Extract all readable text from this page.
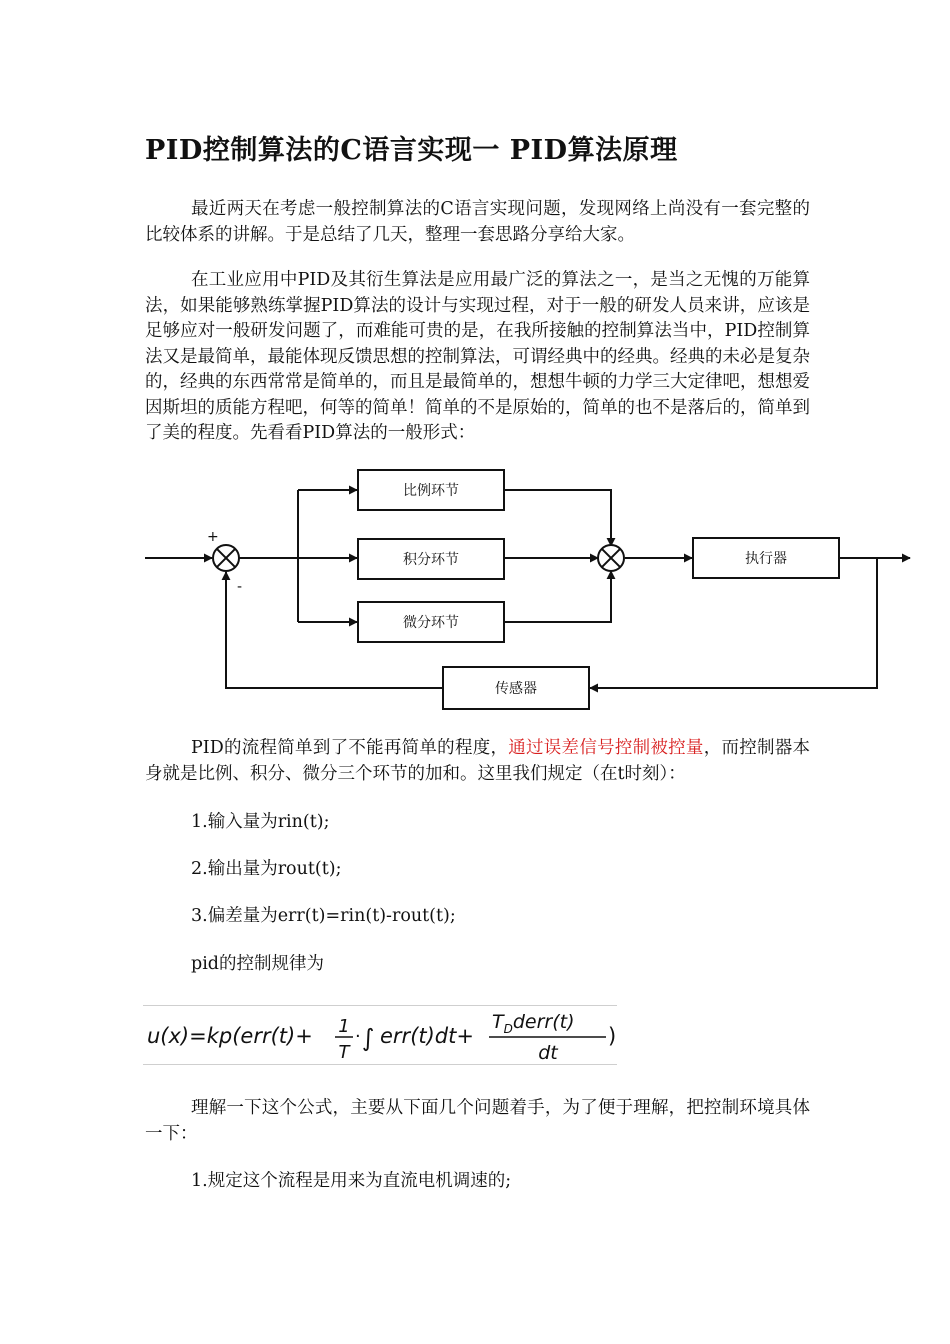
PID控制算法的C语言实现一 PID算法原理

最近两天在考虑一般控制算法的C语言实现问题，发现网络上尚没有一套完整的比较体系的讲解。于是总结了几天，整理一套思路分享给大家。

在工业应用中PID及其衍生算法是应用最广泛的算法之一，是当之无愧的万能算法，如果能够熟练掌握PID算法的设计与实现过程，对于一般的研发人员来讲，应该是足够应对一般研发问题了，而难能可贵的是，在我所接触的控制算法当中，PID控制算法又是最简单，最能体现反馈思想的控制算法，可谓经典中的经典。经典的未必是复杂的，经典的东西常常是简单的，而且是最简单的，想想牛顿的力学三大定律吧，想想爱因斯坦的质能方程吧，何等的简单！简单的不是原始的，简单的也不是落后的，简单到了美的程度。先看看PID算法的一般形式：

+
-
比例环节
积分环节
微分环节
执行器
传感器

PID的流程简单到了不能再简单的程度，通过误差信号控制被控量，而控制器本身就是比例、积分、微分三个环节的加和。这里我们规定（在t时刻）：

1.输入量为rin(t);

2.输出量为rout(t);

3.偏差量为err(t)=rin(t)-rout(t);

pid的控制规律为

u(x)=kp(err(t)+ 1
T
· ∫ err(t)dt+
$T_Dderr(t)$
dt
)

理解一下这个公式，主要从下面几个问题着手，为了便于理解，把控制环境具体一下：

1.规定这个流程是用来为直流电机调速的;
